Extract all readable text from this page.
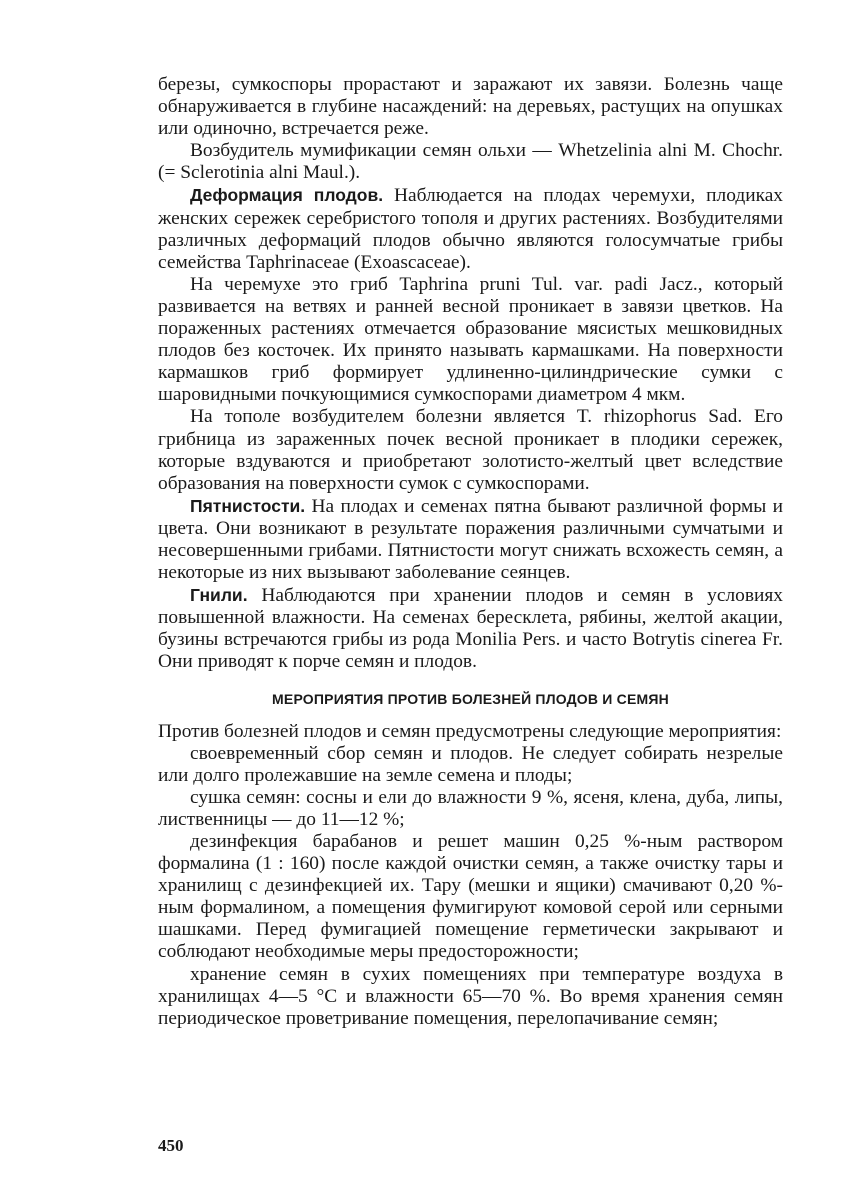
березы, сумкоспоры прорастают и заражают их завязи. Болезнь чаще обнаруживается в глубине насаждений: на деревьях, растущих на опушках или одиночно, встречается реже.

Возбудитель мумификации семян ольхи — Whetzelinia alni M. Chochr. (= Sclerotinia alni Maul.).

Деформация плодов. Наблюдается на плодах черемухи, плодиках женских сережек серебристого тополя и других растениях. Возбудителями различных деформаций плодов обычно являются голосумчатые грибы семейства Taphrinaceae (Exoascaceae).

На черемухе это гриб Taphrina pruni Tul. var. padi Jacz., который развивается на ветвях и ранней весной проникает в завязи цветков. На пораженных растениях отмечается образование мясистых мешковидных плодов без косточек. Их принято называть кармашками. На поверхности кармашков гриб формирует удлиненно-цилиндрические сумки с шаровидными почкующимися сумкоспорами диаметром 4 мкм.

На тополе возбудителем болезни является T. rhizophorus Sad. Его грибница из зараженных почек весной проникает в плодики сережек, которые вздуваются и приобретают золотисто-желтый цвет вследствие образования на поверхности сумок с сумкоспорами.

Пятнистости. На плодах и семенах пятна бывают различной формы и цвета. Они возникают в результате поражения различными сумчатыми и несовершенными грибами. Пятнистости могут снижать всхожесть семян, а некоторые из них вызывают заболевание сеянцев.

Гнили. Наблюдаются при хранении плодов и семян в условиях повышенной влажности. На семенах бересклета, рябины, желтой акации, бузины встречаются грибы из рода Monilia Pers. и часто Botrytis cinerea Fr. Они приводят к порче семян и плодов.

МЕРОПРИЯТИЯ ПРОТИВ БОЛЕЗНЕЙ ПЛОДОВ И СЕМЯН

Против болезней плодов и семян предусмотрены следующие мероприятия:

своевременный сбор семян и плодов. Не следует собирать незрелые или долго пролежавшие на земле семена и плоды;

сушка семян: сосны и ели до влажности 9 %, ясеня, клена, дуба, липы, лиственницы — до 11—12 %;

дезинфекция барабанов и решет машин 0,25 %-ным раствором формалина (1 : 160) после каждой очистки семян, а также очистку тары и хранилищ с дезинфекцией их. Тару (мешки и ящики) смачивают 0,20 %-ным формалином, а помещения фумигируют комовой серой или серными шашками. Перед фумигацией помещение герметически закрывают и соблюдают необходимые меры предосторожности;

хранение семян в сухих помещениях при температуре воздуха в хранилищах 4—5 °С и влажности 65—70 %. Во время хранения семян периодическое проветривание помещения, перелопачивание семян;

450
